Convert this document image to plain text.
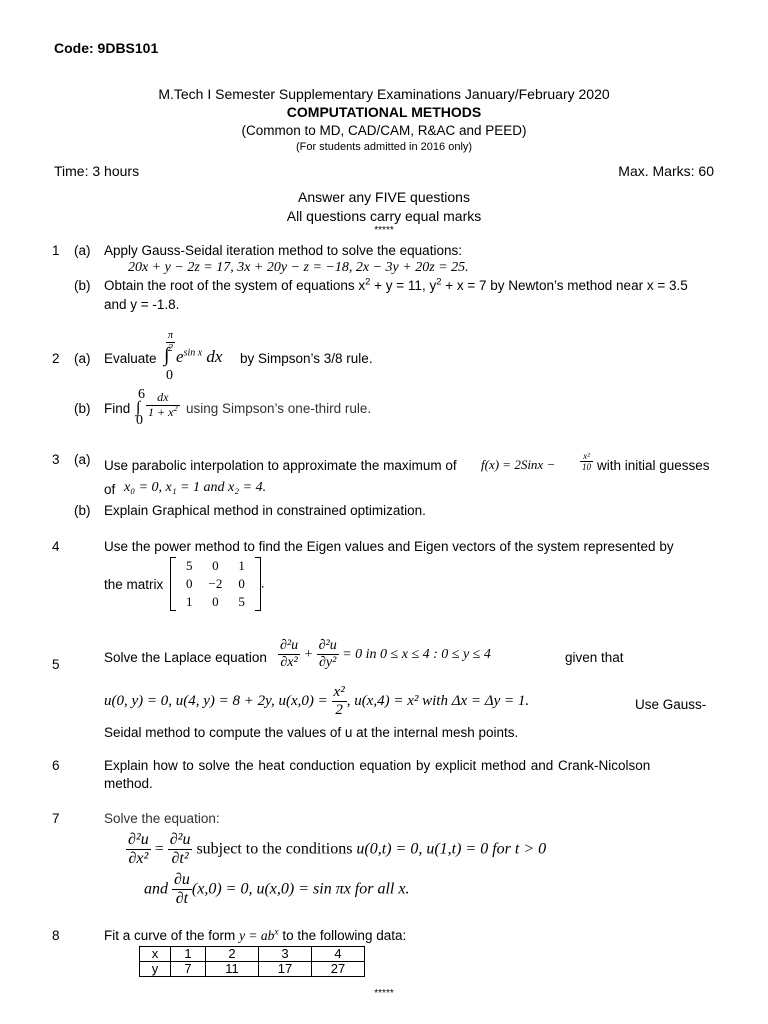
Code: 9DBS101
M.Tech I Semester Supplementary Examinations January/February 2020
COMPUTATIONAL METHODS
(Common to MD, CAD/CAM, R&AC and PEED)
(For students admitted in 2016 only)
Time: 3 hours	Max. Marks: 60
Answer any FIVE questions
All questions carry equal marks
*****
1 (a) Apply Gauss-Seidal iteration method to solve the equations:
20x + y − 2z = 17, 3x + 20y − z = −18, 2x − 3y + 20z = 25.
(b) Obtain the root of the system of equations $x^2 + y = 11$, $y^2 + x = 7$ by Newton’s method near x = 3.5
and y = -1.8.
2 (a) Evaluate
$\frac{\pi}{2}$
∫ $e^{sin x}$ dx
0
by Simpson’s 3/8 rule.
(b) Find
6
∫
0
$\frac{dx}{1 + x^2}$ using Simpson’s one-third rule.
3 (a) Use parabolic interpolation to approximate the maximum of f(x) = 2Sinx −	$\frac{\text{x²}}{10}$ with initial guesses
of x₀ = 0, x₁ = 1 and x₂ = 4.
(b) Explain Graphical method in constrained optimization.
4	Use the power method to find the Eigen values and Eigen vectors of the system represented by
the matrix
5	0	1
0	−2	0
1	0	5
.
5	Solve the Laplace equation $\frac{\text{∂²u}}{\text{∂x²}} + \frac{\text{∂²u}}{\text{∂y²}} = 0$ in 0 ≤ x ≤ 4 : 0 ≤ y ≤ 4	given that
u(0, y) = 0, u(4, y) = 8 + 2y, $u(x,0) = \frac{\text{x²}}{2}$ , u(x,4) = x² with Δx = Δy = 1.	Use Gauss-
Seidal method to compute the values of u at the internal mesh points.
6	Explain how to solve the heat conduction equation by explicit method and Crank-Nicolson
method.
7	Solve the equation:
$\frac{\text{∂²u}}{\text{∂x²}} = \frac{\text{∂²u}}{\text{∂t²}}$ subject to the conditions u(0,t) = 0, u(1,t) = 0 for t > 0
and $\frac{\partial u}{\partial t} (x,0) = 0$, u(x,0) = sin πx for all x.
8	Fit a curve of the form $y = ab^x$ to the following data:
x	1	2	3	4
y	7	11	17	27
*****
